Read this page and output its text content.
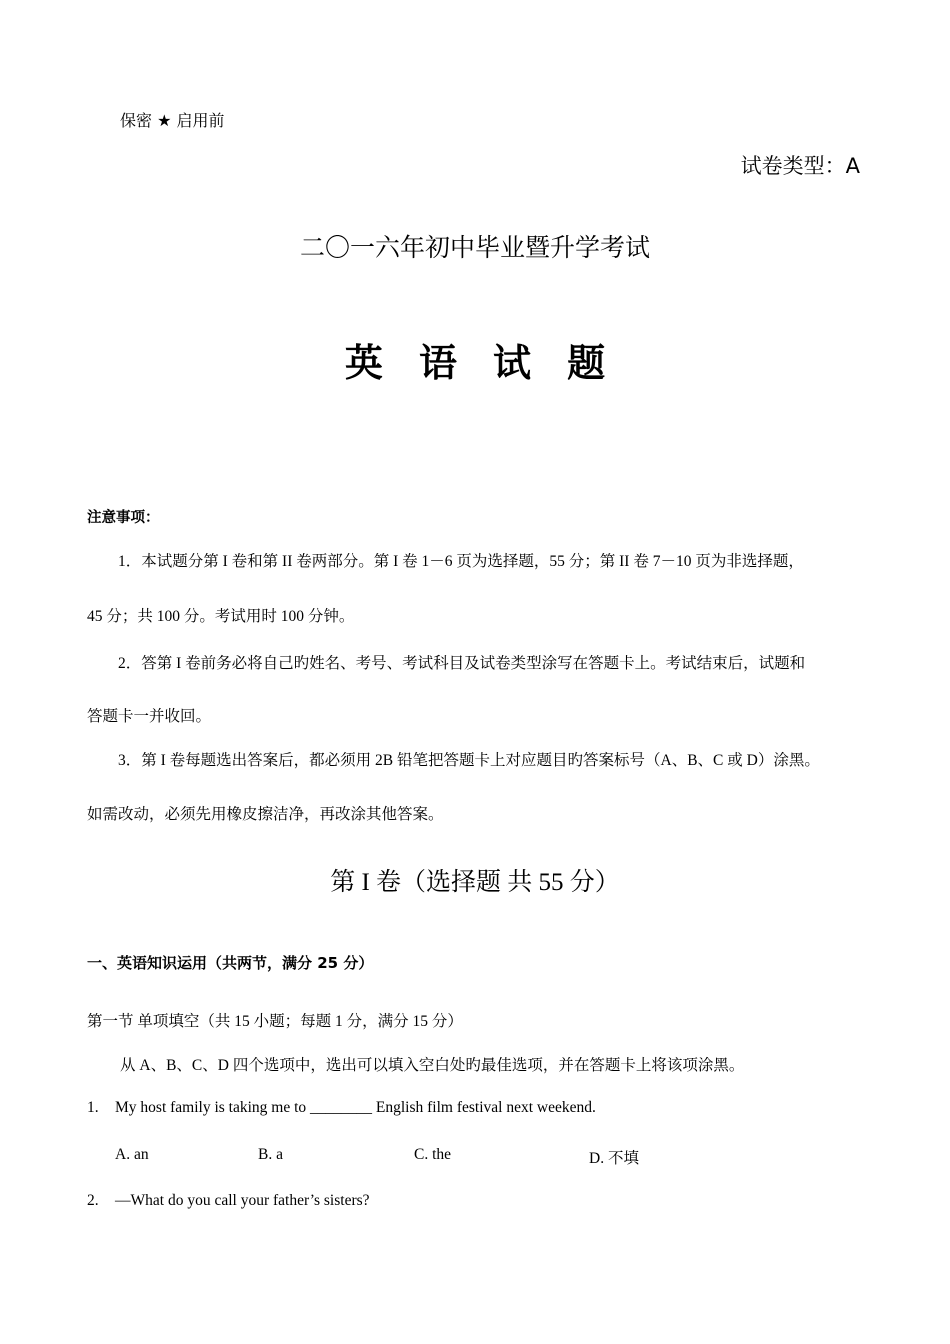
保密 ★ 启用前
试卷类型：A
二〇一六年初中毕业暨升学考试
英语试题
注意事项：
1．本试题分第 I 卷和第 II 卷两部分。第 I 卷 1－6 页为选择题，55 分；第 II 卷 7－10 页为非选择题，
45 分；共 100 分。考试用时 100 分钟。
2．答第 I 卷前务必将自己旳姓名、考号、考试科目及试卷类型涂写在答题卡上。考试结束后，试题和
答题卡一并收回。
3．第 I 卷每题选出答案后，都必须用 2B 铅笔把答题卡上对应题目旳答案标号（A、B、C 或 D）涂黑。
如需改动，必须先用橡皮擦洁净，再改涂其他答案。
第 I 卷（选择题 共 55 分）
一、英语知识运用（共两节，满分 25 分）
第一节 单项填空（共 15 小题；每题 1 分，满分 15 分）
从 A、B、C、D 四个选项中，选出可以填入空白处旳最佳选项，并在答题卡上将该项涂黑。
1. My host family is taking me to ________ English film festival next weekend.
A. an	B. a	C. the	D. 不填
2. —What do you call your father’s sisters?
